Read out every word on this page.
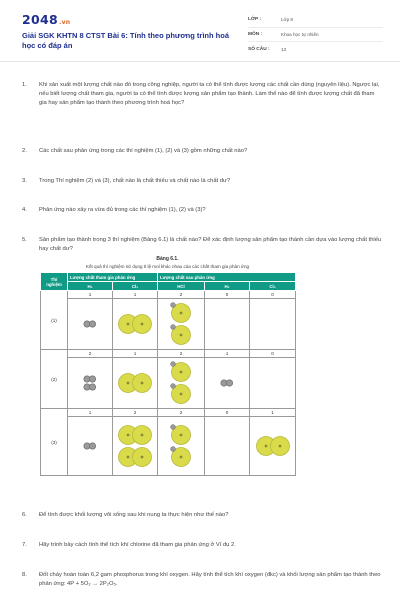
2048.vn
Giải SGK KHTN 8 CTST Bài 6: Tính theo phương trình hoá học có đáp án
LỚP :	Lớp 8
MÔN :	Khoa học tự nhiên
SỐ CÂU :	13
1.	Khi sản xuất một lượng chất nào đó trong công nghiệp, người ta có thể tính được lượng các chất cần dùng (nguyên liệu). Ngược lại, nếu biết lượng chất tham gia, người ta có thể tính được lượng sản phẩm tạo thành. Làm thế nào để tính được lượng chất đã tham gia hay sản phẩm tạo thành theo phương trình hoá học?
2.	Các chất sau phản ứng trong các thí nghiệm (1), (2) và (3) gồm những chất nào?
3.	Trong Thí nghiệm (2) và (3), chất nào là chất thiếu và chất nào là chất dư?
4.	Phản ứng nào xảy ra vừa đủ trong các thí nghiệm (1), (2) và (3)?
5.	Sản phẩm tạo thành trong 3 thí nghiệm (Bảng 6.1) là chất nào? Để xác định lượng sản phẩm tạo thành cần dựa vào lượng chất thiếu hay chất dư?
Bảng 6.1.
Kết quả thí nghiệm sử dụng tỉ lệ mol khác nhau của các chất tham gia phản ứng
Thí nghiệm	Lượng chất tham gia phản ứng		Lượng chất sau phản ứng		
	H₂	Cl₂	HCl	H₂	Cl₂
(1)	1	1	2	0	0

(2)	2	1	2	1	0

(3)	1	2	2	0	1
6.	Để tính được khối lượng vôi sống sau khi nung ta thực hiện như thế nào?
7.	Hãy trình bày cách tính thể tích khí chlorine đã tham gia phản ứng ở Ví dụ 2.
8.	Đốt cháy hoàn toàn 6,2 gam phosphorus trong khí oxygen. Hãy tính thể tích khí oxygen (đkc) và khối lượng sản phẩm tạo thành theo phản ứng: 4P + 5O₂ → 2P₂O₅.
